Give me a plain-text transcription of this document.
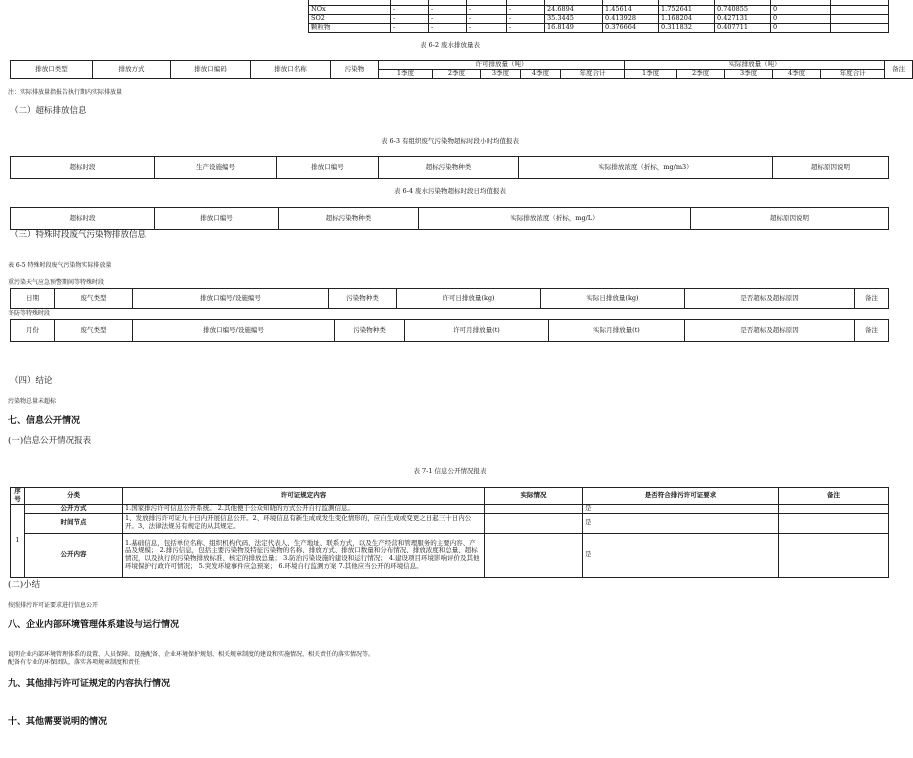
NOx	-	-	-	-	24.6894	1.45614	1.752641	0.740855	0	
SO2	-	-	-	-	35.3445	0.413928	1.168204	0.427131	0	
颗粒物	-	-	-	-	16.8149	0.376664	0.311832	0.407711	0	
表 6-2 废水排放量表
排放口类型	排放方式	排放口编码	排放口名称	污染物	许可排放量（吨）					实际排放量（吨）					备注
					1季度	2季度	3季度	4季度	年度合计	1季度	2季度	3季度	4季度	年度合计	
注：实际排放量指报告执行期内实际排放量
（二）超标排放信息
表 6-3 有组织废气污染物超标时段小时均值报表
超标时段	生产设施编号	排放口编号	超标污染物种类	实际排放浓度（折标，mg/m3）	超标原因说明
表 6-4 废水污染物超标时段日均值报表
超标时段	排放口编号	超标污染物种类	实际排放浓度（折标，mg/L）	超标原因说明
（三）特殊时段废气污染物排放信息
表 6-5 特殊时段废气污染物实际排放量
重污染天气应急预警期间等特殊时段
日期	废气类型	排放口编号/设施编号	污染物种类	许可日排放量(kg)	实际日排放量(kg)	是否超标及超标原因	备注
冬防等特殊时段
月份	废气类型	排放口编号/设施编号	污染物种类	许可月排放量(t)	实际月排放量(t)	是否超标及超标原因	备注
（四）结论
污染物总量未超标
七、信息公开情况
(一)信息公开情况报表
表 7-1 信息公开情况报表
序号	分类	许可证规定内容	实际情况	是否符合排污许可证要求	备注
1	公开方式	1.国家排污许可信息公开系统。 2.其他便于公众知晓的方式公开自行监测信息。		是	
	时间节点	1、发放排污许可证九十日内开展信息公开。2、环境信息有新生成或发生变化情形的，应自生成或变更之日起三十日内公开。3、法律法规另有规定的从其规定。		是	
	公开内容	1.基础信息，包括单位名称、组织机构代码、法定代表人、生产地址、联系方式，以及生产经营和管理服务的主要内容、产品及规模； 2.排污信息，包括主要污染物及特征污染物的名称、排放方式、排放口数量和分布情况、排放浓度和总量、超标情况，以及执行的污染物排放标准、核定的排放总量； 3.防治污染设施的建设和运行情况； 4.建设项目环境影响评价及其他环境保护行政许可情况； 5.突发环境事件应急预案； 6.环境自行监测方案 7.其他应当公开的环境信息。		是	
(二)小结
按照排污许可证要求进行信息公开
八、企业内部环境管理体系建设与运行情况
说明企业内部环境管理体系的设置、人员保障、设施配备、企业环境保护规划、相关规章制度的建设和实施情况、相关责任的落实情况等。
配备有专业的环保团队，落实各项规章制度和责任
九、其他排污许可证规定的内容执行情况
十、其他需要说明的情况
